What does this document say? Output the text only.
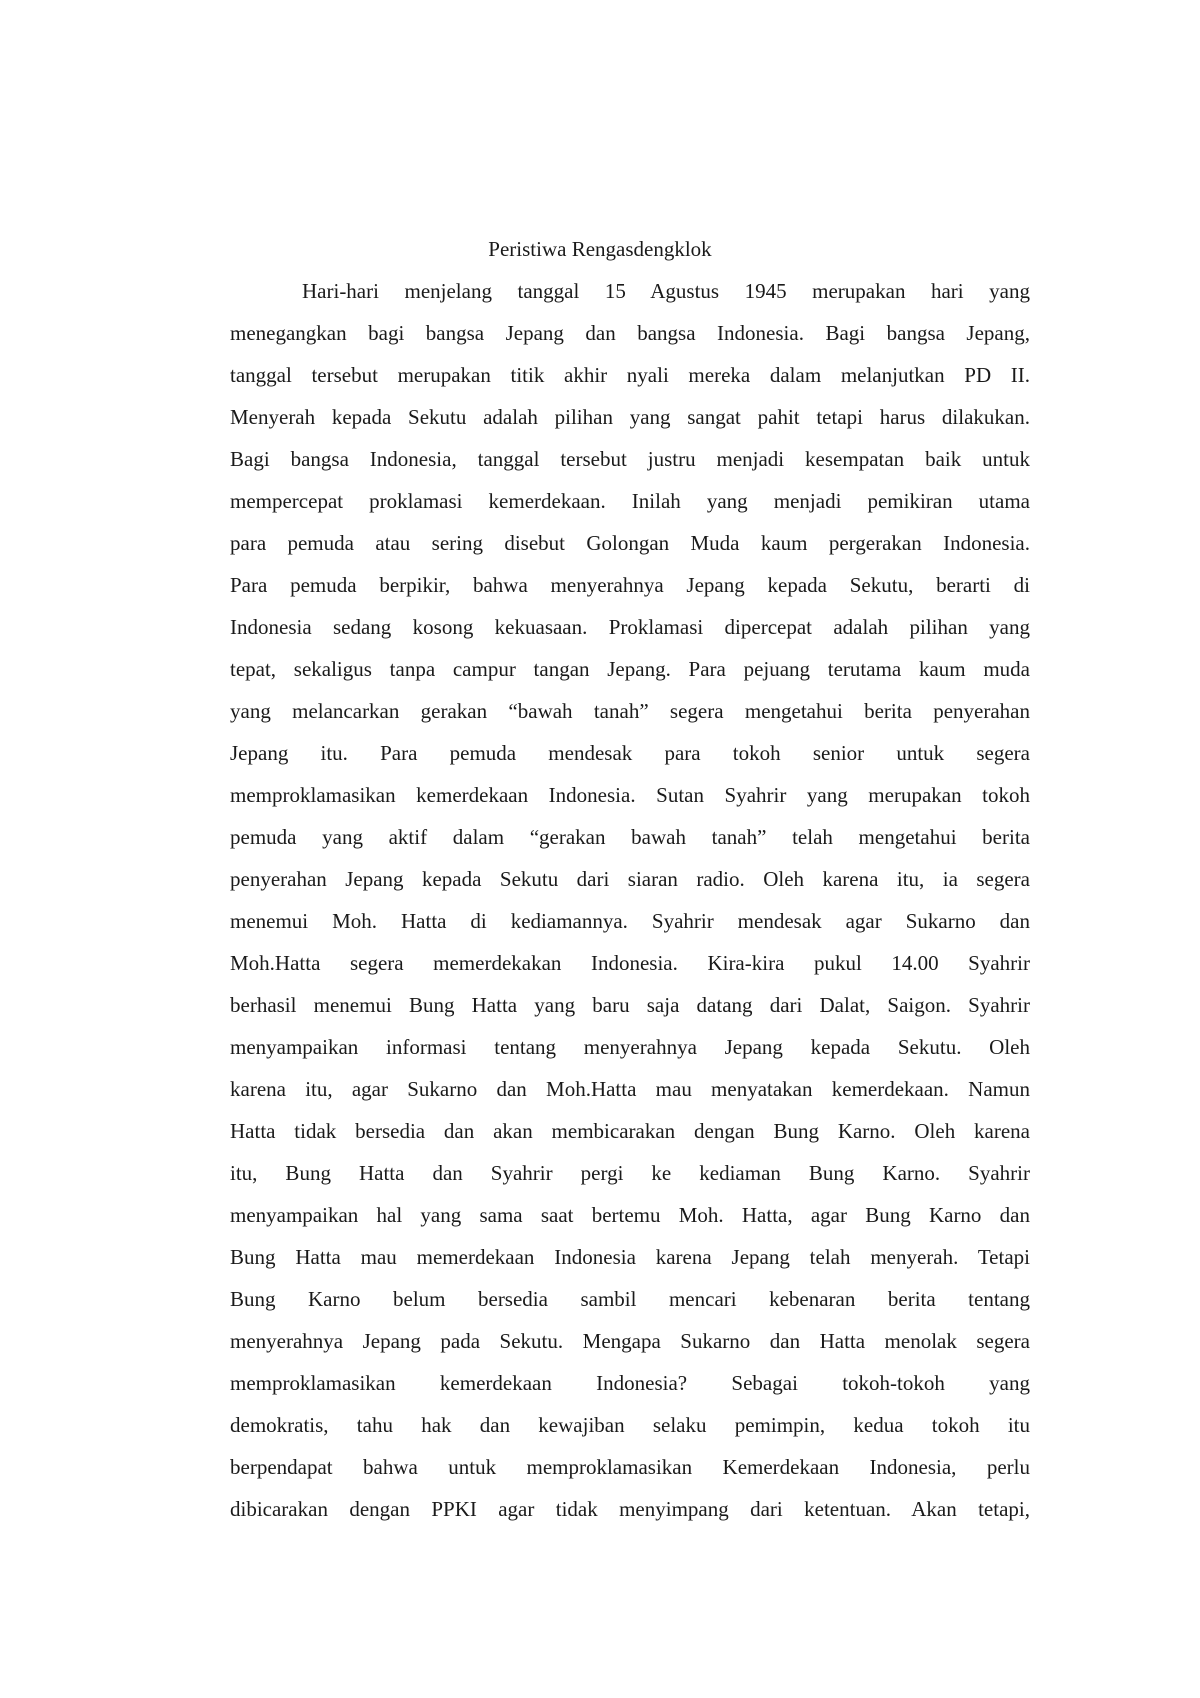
Peristiwa Rengasdengklok
Hari-hari menjelang tanggal 15 Agustus 1945 merupakan hari yang
menegangkan bagi bangsa Jepang dan bangsa Indonesia. Bagi bangsa Jepang,
tanggal tersebut merupakan titik akhir nyali mereka dalam melanjutkan PD II.
Menyerah kepada Sekutu adalah pilihan yang sangat pahit tetapi harus dilakukan.
Bagi bangsa Indonesia, tanggal tersebut justru menjadi kesempatan baik untuk
mempercepat proklamasi kemerdekaan. Inilah yang menjadi pemikiran utama
para pemuda atau sering disebut Golongan Muda kaum pergerakan Indonesia.
Para pemuda berpikir, bahwa menyerahnya Jepang kepada Sekutu, berarti di
Indonesia sedang kosong kekuasaan. Proklamasi dipercepat adalah pilihan yang
tepat, sekaligus tanpa campur tangan Jepang. Para pejuang terutama kaum muda
yang melancarkan gerakan “bawah tanah” segera mengetahui berita penyerahan
Jepang itu. Para pemuda mendesak para tokoh senior untuk segera
memproklamasikan kemerdekaan Indonesia. Sutan Syahrir yang merupakan tokoh
pemuda yang aktif dalam “gerakan bawah tanah” telah mengetahui berita
penyerahan Jepang kepada Sekutu dari siaran radio. Oleh karena itu, ia segera
menemui Moh. Hatta di kediamannya. Syahrir mendesak agar Sukarno dan
Moh.Hatta segera memerdekakan Indonesia. Kira-kira pukul 14.00 Syahrir
berhasil menemui Bung Hatta yang baru saja datang dari Dalat, Saigon. Syahrir
menyampaikan informasi tentang menyerahnya Jepang kepada Sekutu. Oleh
karena itu, agar Sukarno dan Moh.Hatta mau menyatakan kemerdekaan. Namun
Hatta tidak bersedia dan akan membicarakan dengan Bung Karno. Oleh karena
itu, Bung Hatta dan Syahrir pergi ke kediaman Bung Karno. Syahrir
menyampaikan hal yang sama saat bertemu Moh. Hatta, agar Bung Karno dan
Bung Hatta mau memerdekaan Indonesia karena Jepang telah menyerah. Tetapi
Bung Karno belum bersedia sambil mencari kebenaran berita tentang
menyerahnya Jepang pada Sekutu. Mengapa Sukarno dan Hatta menolak segera
memproklamasikan kemerdekaan Indonesia? Sebagai tokoh-tokoh yang
demokratis, tahu hak dan kewajiban selaku pemimpin, kedua tokoh itu
berpendapat bahwa untuk memproklamasikan Kemerdekaan Indonesia, perlu
dibicarakan dengan PPKI agar tidak menyimpang dari ketentuan. Akan tetapi,
